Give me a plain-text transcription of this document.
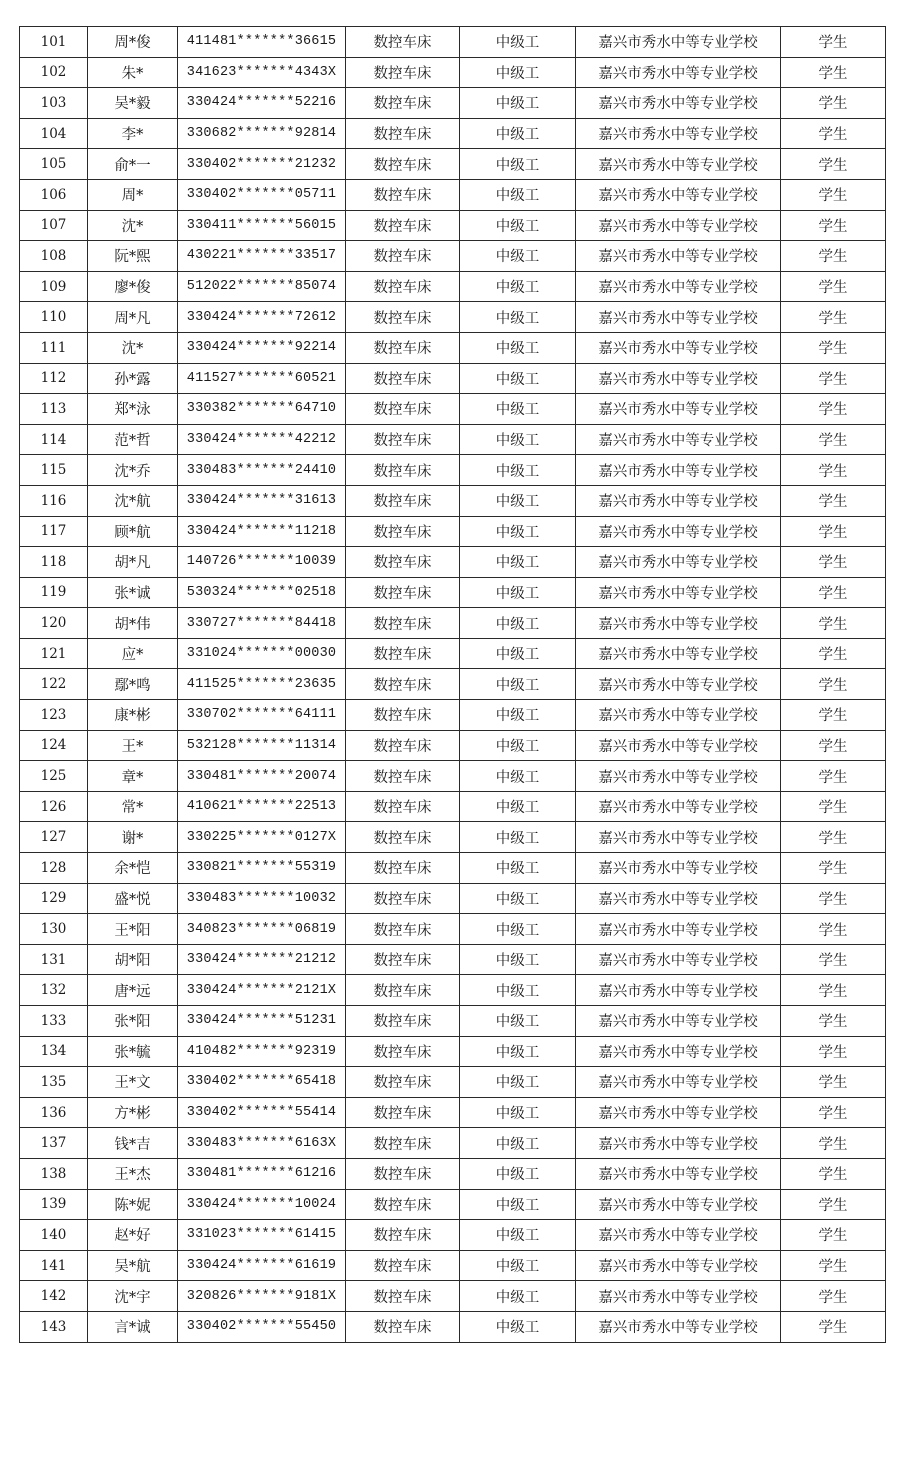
101	周*俊	411481*******36615	数控车床	中级工	嘉兴市秀水中等专业学校	学生
102	朱*	341623*******4343X	数控车床	中级工	嘉兴市秀水中等专业学校	学生
103	吴*毅	330424*******52216	数控车床	中级工	嘉兴市秀水中等专业学校	学生
104	李*	330682*******92814	数控车床	中级工	嘉兴市秀水中等专业学校	学生
105	俞*一	330402*******21232	数控车床	中级工	嘉兴市秀水中等专业学校	学生
106	周*	330402*******05711	数控车床	中级工	嘉兴市秀水中等专业学校	学生
107	沈*	330411*******56015	数控车床	中级工	嘉兴市秀水中等专业学校	学生
108	阮*熙	430221*******33517	数控车床	中级工	嘉兴市秀水中等专业学校	学生
109	廖*俊	512022*******85074	数控车床	中级工	嘉兴市秀水中等专业学校	学生
110	周*凡	330424*******72612	数控车床	中级工	嘉兴市秀水中等专业学校	学生
111	沈*	330424*******92214	数控车床	中级工	嘉兴市秀水中等专业学校	学生
112	孙*露	411527*******60521	数控车床	中级工	嘉兴市秀水中等专业学校	学生
113	郑*泳	330382*******64710	数控车床	中级工	嘉兴市秀水中等专业学校	学生
114	范*哲	330424*******42212	数控车床	中级工	嘉兴市秀水中等专业学校	学生
115	沈*乔	330483*******24410	数控车床	中级工	嘉兴市秀水中等专业学校	学生
116	沈*航	330424*******31613	数控车床	中级工	嘉兴市秀水中等专业学校	学生
117	顾*航	330424*******11218	数控车床	中级工	嘉兴市秀水中等专业学校	学生
118	胡*凡	140726*******10039	数控车床	中级工	嘉兴市秀水中等专业学校	学生
119	张*诚	530324*******02518	数控车床	中级工	嘉兴市秀水中等专业学校	学生
120	胡*伟	330727*******84418	数控车床	中级工	嘉兴市秀水中等专业学校	学生
121	应*	331024*******00030	数控车床	中级工	嘉兴市秀水中等专业学校	学生
122	鄢*鸣	411525*******23635	数控车床	中级工	嘉兴市秀水中等专业学校	学生
123	康*彬	330702*******64111	数控车床	中级工	嘉兴市秀水中等专业学校	学生
124	王*	532128*******11314	数控车床	中级工	嘉兴市秀水中等专业学校	学生
125	章*	330481*******20074	数控车床	中级工	嘉兴市秀水中等专业学校	学生
126	常*	410621*******22513	数控车床	中级工	嘉兴市秀水中等专业学校	学生
127	谢*	330225*******0127X	数控车床	中级工	嘉兴市秀水中等专业学校	学生
128	余*恺	330821*******55319	数控车床	中级工	嘉兴市秀水中等专业学校	学生
129	盛*悦	330483*******10032	数控车床	中级工	嘉兴市秀水中等专业学校	学生
130	王*阳	340823*******06819	数控车床	中级工	嘉兴市秀水中等专业学校	学生
131	胡*阳	330424*******21212	数控车床	中级工	嘉兴市秀水中等专业学校	学生
132	唐*远	330424*******2121X	数控车床	中级工	嘉兴市秀水中等专业学校	学生
133	张*阳	330424*******51231	数控车床	中级工	嘉兴市秀水中等专业学校	学生
134	张*毓	410482*******92319	数控车床	中级工	嘉兴市秀水中等专业学校	学生
135	王*文	330402*******65418	数控车床	中级工	嘉兴市秀水中等专业学校	学生
136	方*彬	330402*******55414	数控车床	中级工	嘉兴市秀水中等专业学校	学生
137	钱*吉	330483*******6163X	数控车床	中级工	嘉兴市秀水中等专业学校	学生
138	王*杰	330481*******61216	数控车床	中级工	嘉兴市秀水中等专业学校	学生
139	陈*妮	330424*******10024	数控车床	中级工	嘉兴市秀水中等专业学校	学生
140	赵*好	331023*******61415	数控车床	中级工	嘉兴市秀水中等专业学校	学生
141	吴*航	330424*******61619	数控车床	中级工	嘉兴市秀水中等专业学校	学生
142	沈*宇	320826*******9181X	数控车床	中级工	嘉兴市秀水中等专业学校	学生
143	言*诚	330402*******55450	数控车床	中级工	嘉兴市秀水中等专业学校	学生
